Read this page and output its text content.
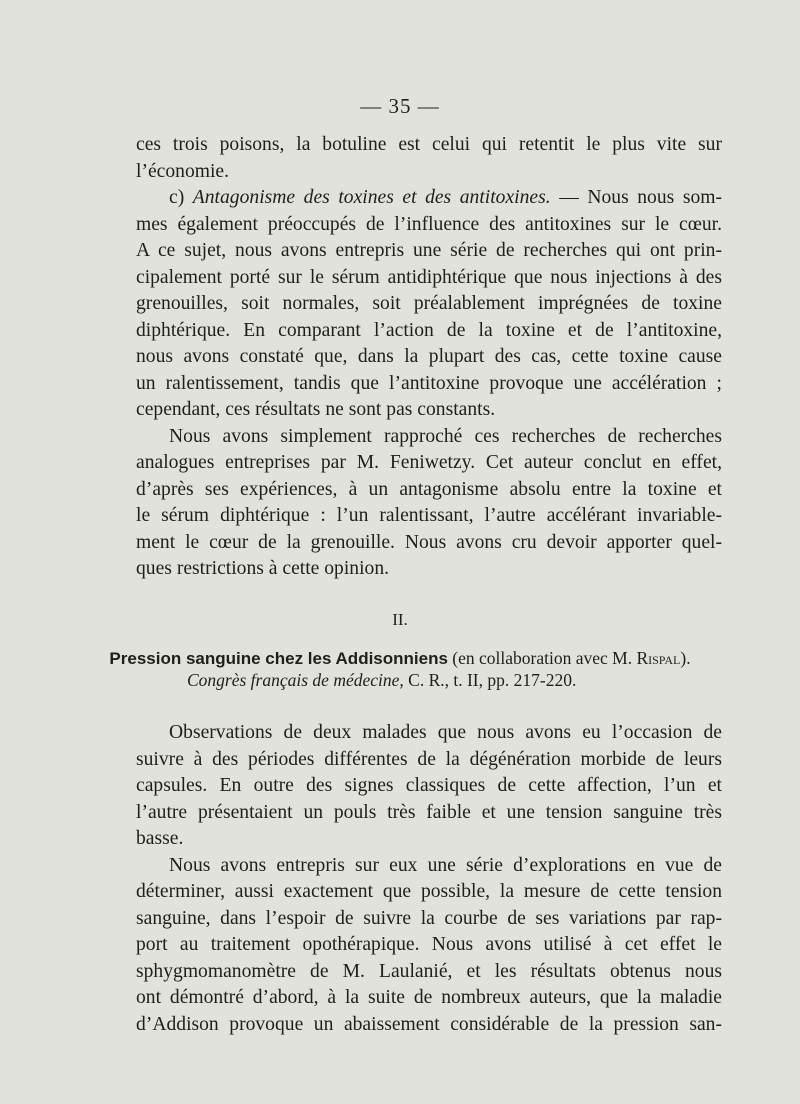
— 35 —
ces trois poisons, la botuline est celui qui retentit le plus vite sur
l’économie.
c) Antagonisme des toxines et des antitoxines. — Nous nous som-
mes également préoccupés de l’influence des antitoxines sur le cœur.
A ce sujet, nous avons entrepris une série de recherches qui ont prin-
cipalement porté sur le sérum antidiphtérique que nous injections à des
grenouilles, soit normales, soit préalablement imprégnées de toxine
diphtérique. En comparant l’action de la toxine et de l’antitoxine,
nous avons constaté que, dans la plupart des cas, cette toxine cause
un ralentissement, tandis que l’antitoxine provoque une accélération ;
cependant, ces résultats ne sont pas constants.
Nous avons simplement rapproché ces recherches de recherches
analogues entreprises par M. Feniwetzy. Cet auteur conclut en effet,
d’après ses expériences, à un antagonisme absolu entre la toxine et
le sérum diphtérique : l’un ralentissant, l’autre accélérant invariable-
ment le cœur de la grenouille. Nous avons cru devoir apporter quel-
ques restrictions à cette opinion.
II.
Pression sanguine chez les Addisonniens (en collaboration avec M. Rispal).
Congrès français de médecine, C. R., t. II, pp. 217-220.
Observations de deux malades que nous avons eu l’occasion de
suivre à des périodes différentes de la dégénération morbide de leurs
capsules. En outre des signes classiques de cette affection, l’un et
l’autre présentaient un pouls très faible et une tension sanguine très
basse.
Nous avons entrepris sur eux une série d’explorations en vue de
déterminer, aussi exactement que possible, la mesure de cette tension
sanguine, dans l’espoir de suivre la courbe de ses variations par rap-
port au traitement opothérapique. Nous avons utilisé à cet effet le
sphygmomanomètre de M. Laulanié, et les résultats obtenus nous
ont démontré d’abord, à la suite de nombreux auteurs, que la maladie
d’Addison provoque un abaissement considérable de la pression san-
